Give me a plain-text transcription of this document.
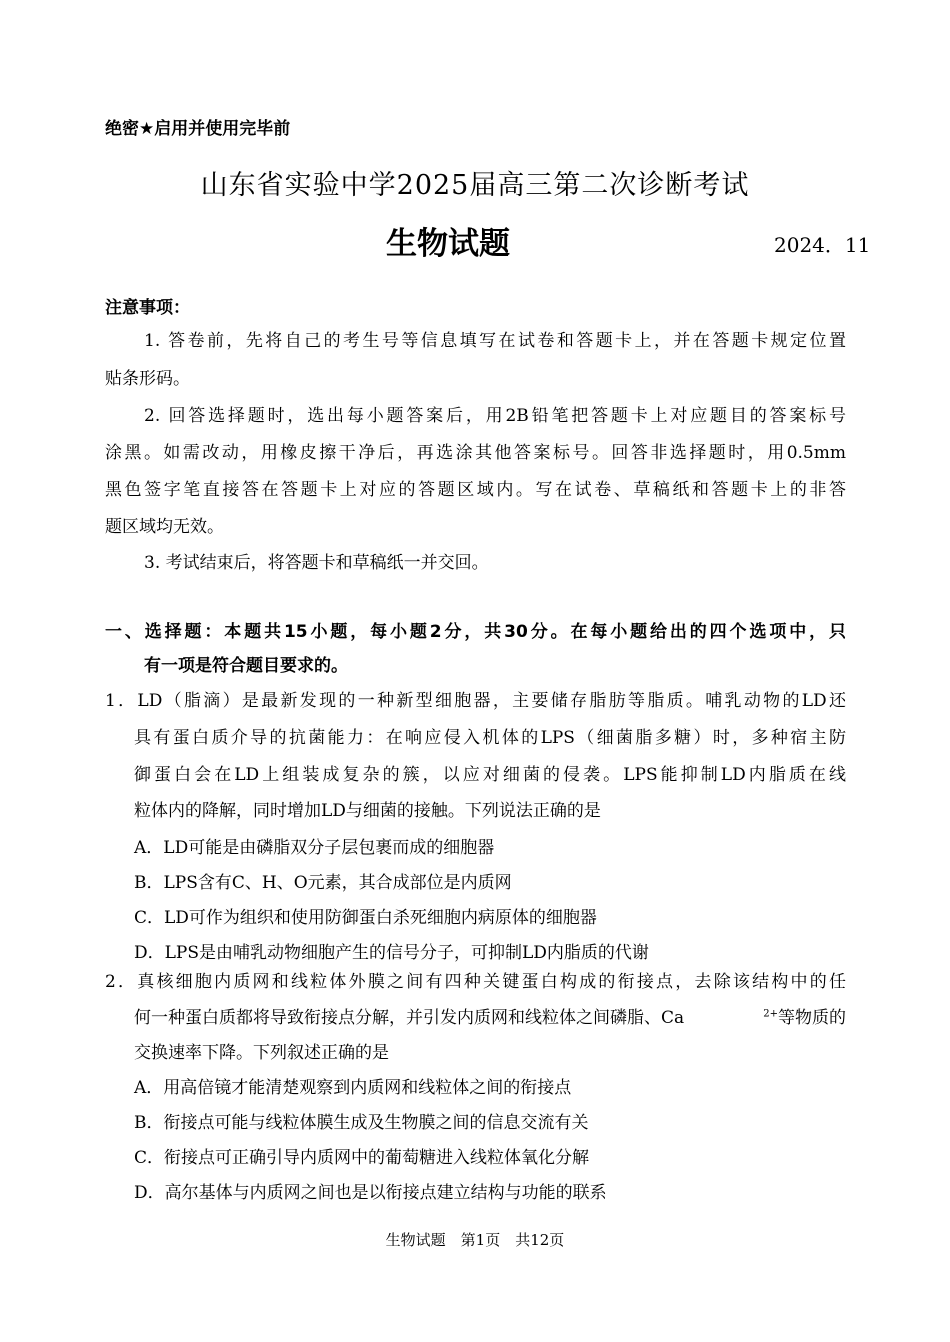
绝密★启用并使用完毕前
山东省实验中学2025届高三第二次诊断考试
生物试题	2024．11
注意事项：
1. 答卷前，先将自己的考生号等信息填写在试卷和答题卡上，并在答题卡规定位置
贴条形码。
2. 回答选择题时，选出每小题答案后，用2B铅笔把答题卡上对应题目的答案标号
涂黑。如需改动，用橡皮擦干净后，再选涂其他答案标号。回答非选择题时，用0.5mm
黑色签字笔直接答在答题卡上对应的答题区域内。写在试卷、草稿纸和答题卡上的非答
题区域均无效。
3. 考试结束后，将答题卡和草稿纸一并交回。
一、选择题：本题共15小题，每小题2分，共30分。在每小题给出的四个选项中，只
有一项是符合题目要求的。
1．LD（脂滴）是最新发现的一种新型细胞器，主要储存脂肪等脂质。哺乳动物的LD还
具有蛋白质介导的抗菌能力：在响应侵入机体的LPS（细菌脂多糖）时，多种宿主防
御蛋白会在LD上组装成复杂的簇，以应对细菌的侵袭。LPS能抑制LD内脂质在线
粒体内的降解，同时增加LD与细菌的接触。下列说法正确的是
A．LD可能是由磷脂双分子层包裹而成的细胞器
B．LPS含有C、H、O元素，其合成部位是内质网
C．LD可作为组织和使用防御蛋白杀死细胞内病原体的细胞器
D．LPS是由哺乳动物细胞产生的信号分子，可抑制LD内脂质的代谢
2．真核细胞内质网和线粒体外膜之间有四种关键蛋白构成的衔接点，去除该结构中的任
何一种蛋白质都将导致衔接点分解，并引发内质网和线粒体之间磷脂、Ca	$^{2+}$等物质的
交换速率下降。下列叙述正确的是
A．用高倍镜才能清楚观察到内质网和线粒体之间的衔接点
B．衔接点可能与线粒体膜生成及生物膜之间的信息交流有关
C．衔接点可正确引导内质网中的葡萄糖进入线粒体氧化分解
D．高尔基体与内质网之间也是以衔接点建立结构与功能的联系
生物试题　第1页　共12页
